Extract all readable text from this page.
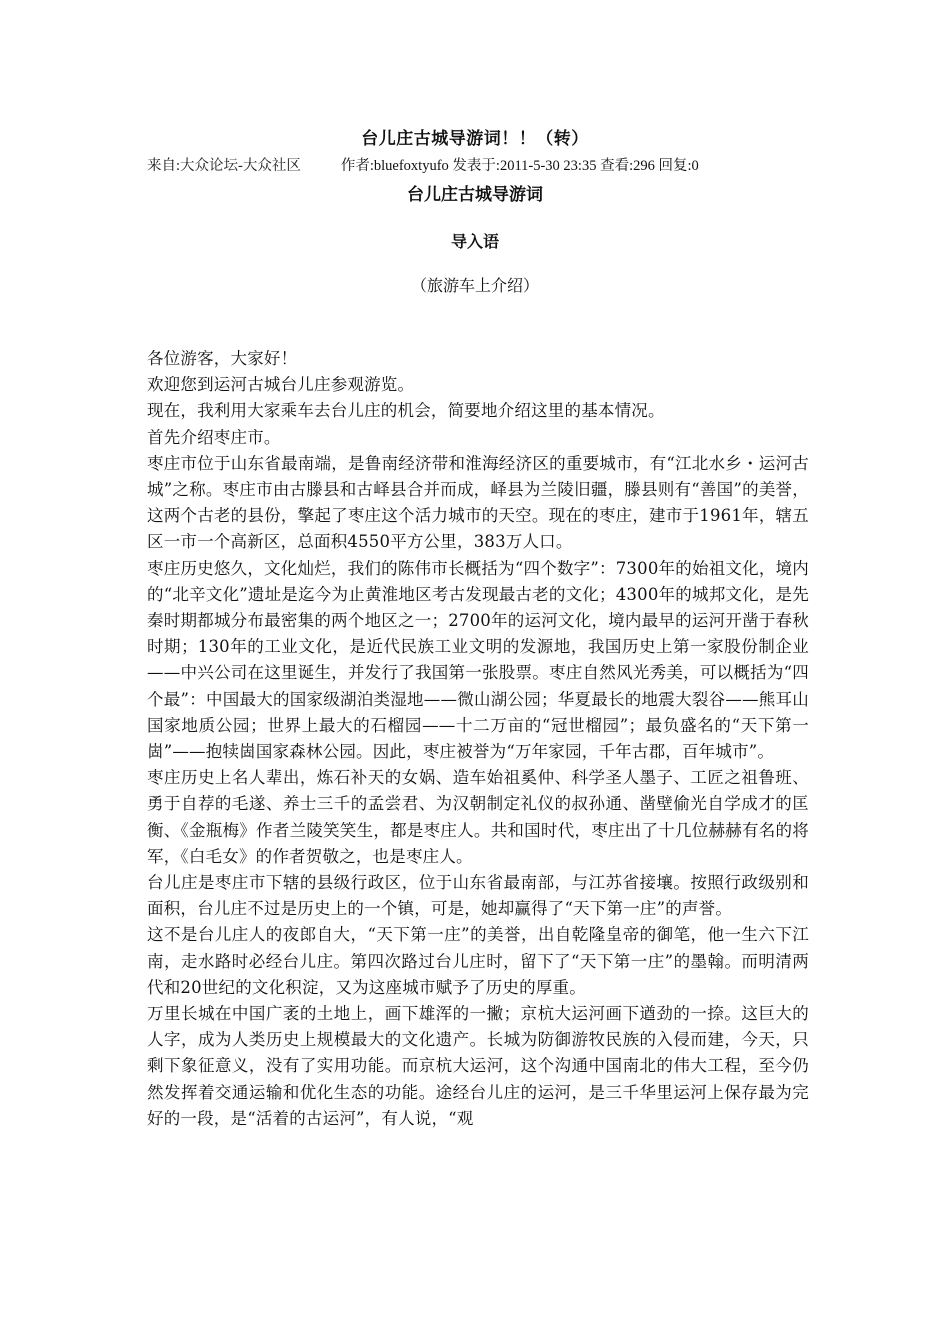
台儿庄古城导游词！！（转）
来自:大众论坛-大众社区	作者:bluefoxtyufo 发表于:2011-5-30 23:35 查看:296 回复:0
台儿庄古城导游词
导入语
（旅游车上介绍）

各位游客，大家好！

欢迎您到运河古城台儿庄参观游览。

现在，我利用大家乘车去台儿庄的机会，简要地介绍这里的基本情况。

首先介绍枣庄市。

枣庄市位于山东省最南端，是鲁南经济带和淮海经济区的重要城市，有“江北水乡・运河古城”之称。枣庄市由古滕县和古峄县合并而成，峄县为兰陵旧疆，滕县则有“善国”的美誉，这两个古老的县份，擎起了枣庄这个活力城市的天空。现在的枣庄，建市于1961年，辖五区一市一个高新区，总面积4550平方公里，383万人口。

枣庄历史悠久，文化灿烂，我们的陈伟市长概括为“四个数字”：7300年的始祖文化，境内的“北辛文化”遗址是迄今为止黄淮地区考古发现最古老的文化；4300年的城邦文化，是先秦时期都城分布最密集的两个地区之一；2700年的运河文化，境内最早的运河开凿于春秋时期；130年的工业文化，是近代民族工业文明的发源地，我国历史上第一家股份制企业——中兴公司在这里诞生，并发行了我国第一张股票。枣庄自然风光秀美，可以概括为“四个最”：中国最大的国家级湖泊类湿地——微山湖公园；华夏最长的地震大裂谷——熊耳山国家地质公园；世界上最大的石榴园——十二万亩的“冠世榴园”；最负盛名的“天下第一崮”——抱犊崮国家森林公园。因此，枣庄被誉为“万年家园，千年古郡，百年城市”。

枣庄历史上名人辈出，炼石补天的女娲、造车始祖奚仲、科学圣人墨子、工匠之祖鲁班、勇于自荐的毛遂、养士三千的孟尝君、为汉朝制定礼仪的叔孙通、凿壁偷光自学成才的匡衡、《金瓶梅》作者兰陵笑笑生，都是枣庄人。共和国时代，枣庄出了十几位赫赫有名的将军，《白毛女》的作者贺敬之，也是枣庄人。

台儿庄是枣庄市下辖的县级行政区，位于山东省最南部，与江苏省接壤。按照行政级别和面积，台儿庄不过是历史上的一个镇，可是，她却赢得了“天下第一庄”的声誉。

这不是台儿庄人的夜郎自大，“天下第一庄”的美誉，出自乾隆皇帝的御笔，他一生六下江南，走水路时必经台儿庄。第四次路过台儿庄时，留下了“天下第一庄”的墨翰。而明清两代和20世纪的文化积淀，又为这座城市赋予了历史的厚重。

万里长城在中国广袤的土地上，画下雄浑的一撇；京杭大运河画下遒劲的一捺。这巨大的人字，成为人类历史上规模最大的文化遗产。长城为防御游牧民族的入侵而建，今天，只剩下象征意义，没有了实用功能。而京杭大运河，这个沟通中国南北的伟大工程，至今仍然发挥着交通运输和优化生态的功能。途经台儿庄的运河，是三千华里运河上保存最为完好的一段，是“活着的古运河”，有人说，“观
